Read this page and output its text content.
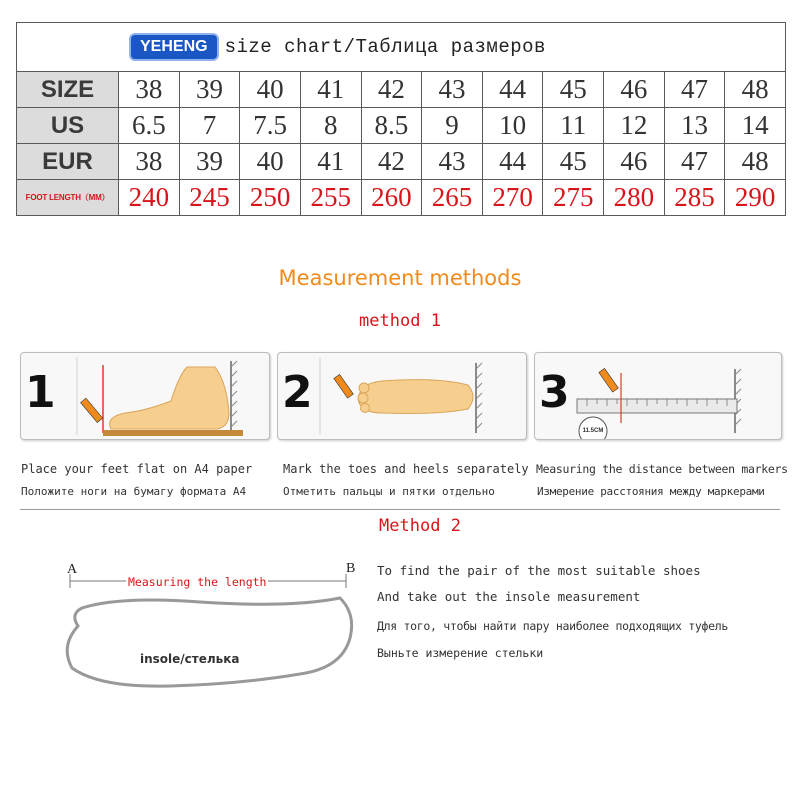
YEHENG size chart/Таблица размеров											
SIZE	38	39	40	41	42	43	44	45	46	47	48
US	6.5	7	7.5	8	8.5	9	10	11	12	13	14
EUR	38	39	40	41	42	43	44	45	46	47	48
FOOT LENGTH（MM）	240	245	250	255	260	265	270	275	280	285	290
Measurement methods
method 1
1	2	3
11.5CM
Place your feet flat on A4 paper	Mark the toes and heels separately Measuring the distance between markers
Положите ноги на бумагу формата A4	Отметить пальцы и пятки отдельно	Измерение расстояния между маркерами
Method 2
A	B
Measuring the length
insole/стелька
To find the pair of the most suitable shoes
And take out the insole measurement
Для того, чтобы найти пару наиболее подходящих туфель
Выньте измерение стельки
